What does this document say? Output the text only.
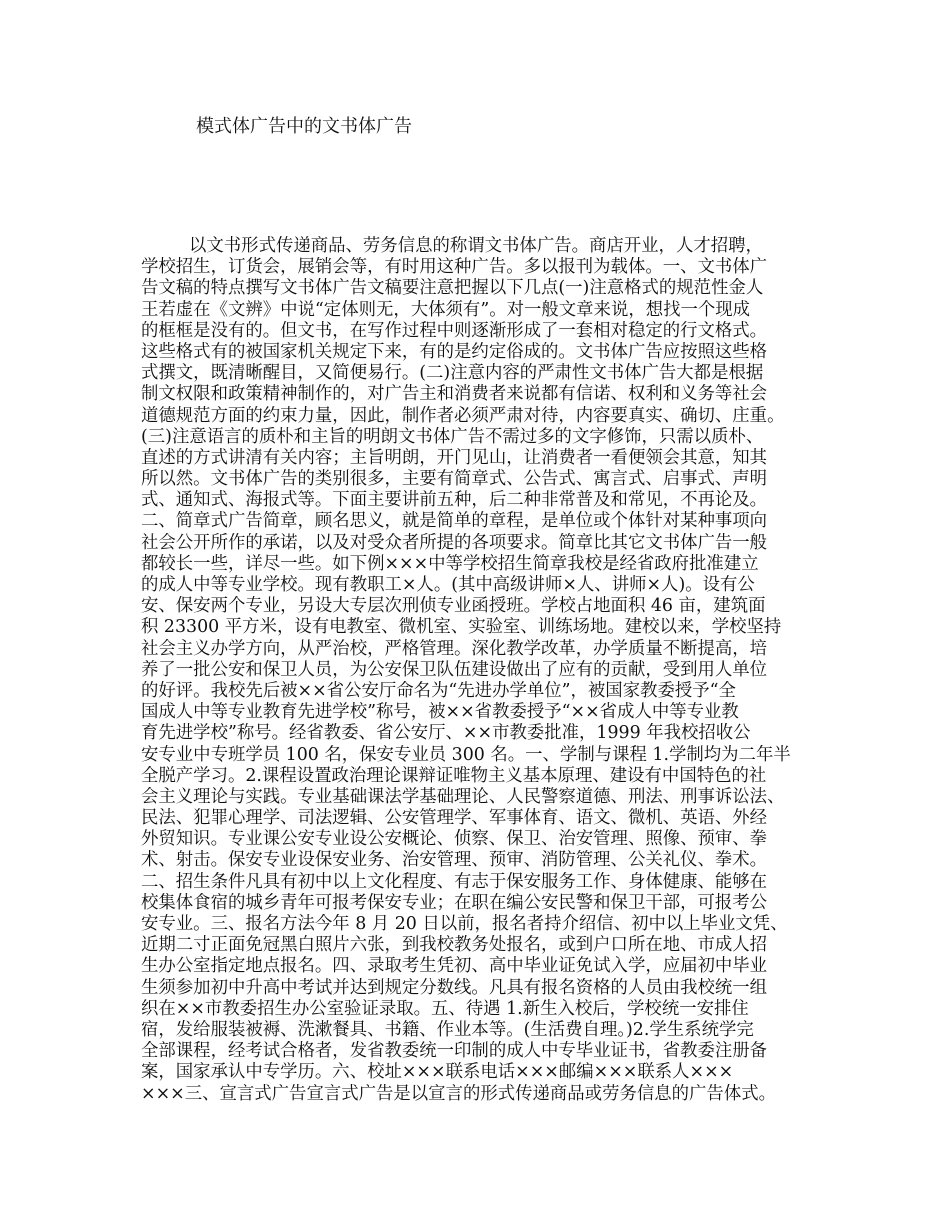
模式体广告中的文书体广告
以文书形式传递商品、劳务信息的称谓文书体广告。商店开业，人才招聘，
学校招生，订货会，展销会等，有时用这种广告。多以报刊为载体。一、文书体广
告文稿的特点撰写文书体广告文稿要注意把握以下几点(一)注意格式的规范性金人
王若虚在《文辨》中说“定体则无，大体须有”。对一般文章来说，想找一个现成
的框框是没有的。但文书，在写作过程中则逐渐形成了一套相对稳定的行文格式。
这些格式有的被国家机关规定下来，有的是约定俗成的。文书体广告应按照这些格
式撰文，既清晰醒目，又简便易行。(二)注意内容的严肃性文书体广告大都是根据
制文权限和政策精神制作的，对广告主和消费者来说都有信诺、权利和义务等社会
道德规范方面的约束力量，因此，制作者必须严肃对待，内容要真实、确切、庄重。
(三)注意语言的质朴和主旨的明朗文书体广告不需过多的文字修饰，只需以质朴、
直述的方式讲清有关内容；主旨明朗，开门见山，让消费者一看便领会其意，知其
所以然。文书体广告的类别很多，主要有简章式、公告式、寓言式、启事式、声明
式、通知式、海报式等。下面主要讲前五种，后二种非常普及和常见，不再论及。
二、简章式广告简章，顾名思义，就是简单的章程，是单位或个体针对某种事项向
社会公开所作的承诺，以及对受众者所提的各项要求。简章比其它文书体广告一般
都较长一些，详尽一些。如下例×××中等学校招生简章我校是经省政府批准建立
的成人中等专业学校。现有教职工×人。(其中高级讲师×人、讲师×人)。设有公
安、保安两个专业，另设大专层次刑侦专业函授班。学校占地面积 46 亩，建筑面
积 23300 平方米，设有电教室、微机室、实验室、训练场地。建校以来，学校坚持
社会主义办学方向，从严治校，严格管理。深化教学改革，办学质量不断提高，培
养了一批公安和保卫人员，为公安保卫队伍建设做出了应有的贡献，受到用人单位
的好评。我校先后被××省公安厅命名为“先进办学单位”，被国家教委授予“全
国成人中等专业教育先进学校”称号，被××省教委授予“××省成人中等专业教
育先进学校”称号。经省教委、省公安厅、××市教委批准，1999 年我校招收公
安专业中专班学员 100 名，保安专业员 300 名。一、学制与课程 1.学制均为二年半
全脱产学习。2.课程设置政治理论课辩证唯物主义基本原理、建设有中国特色的社
会主义理论与实践。专业基础课法学基础理论、人民警察道德、刑法、刑事诉讼法、
民法、犯罪心理学、司法逻辑、公安管理学、军事体育、语文、微机、英语、外经
外贸知识。专业课公安专业设公安概论、侦察、保卫、治安管理、照像、预审、拳
术、射击。保安专业设保安业务、治安管理、预审、消防管理、公关礼仪、拳术。
二、招生条件凡具有初中以上文化程度、有志于保安服务工作、身体健康、能够在
校集体食宿的城乡青年可报考保安专业；在职在编公安民警和保卫干部，可报考公
安专业。三、报名方法今年 8 月 20 日以前，报名者持介绍信、初中以上毕业文凭、
近期二寸正面免冠黑白照片六张，到我校教务处报名，或到户口所在地、市成人招
生办公室指定地点报名。四、录取考生凭初、高中毕业证免试入学，应届初中毕业
生须参加初中升高中考试并达到规定分数线。凡具有报名资格的人员由我校统一组
织在××市教委招生办公室验证录取。五、待遇 1.新生入校后，学校统一安排住
宿，发给服装被褥、洗漱餐具、书籍、作业本等。(生活费自理。)2.学生系统学完
全部课程，经考试合格者，发省教委统一印制的成人中专毕业证书，省教委注册备
案，国家承认中专学历。六、校址×××联系电话×××邮编×××联系人×××
×××三、宣言式广告宣言式广告是以宣言的形式传递商品或劳务信息的广告体式。
